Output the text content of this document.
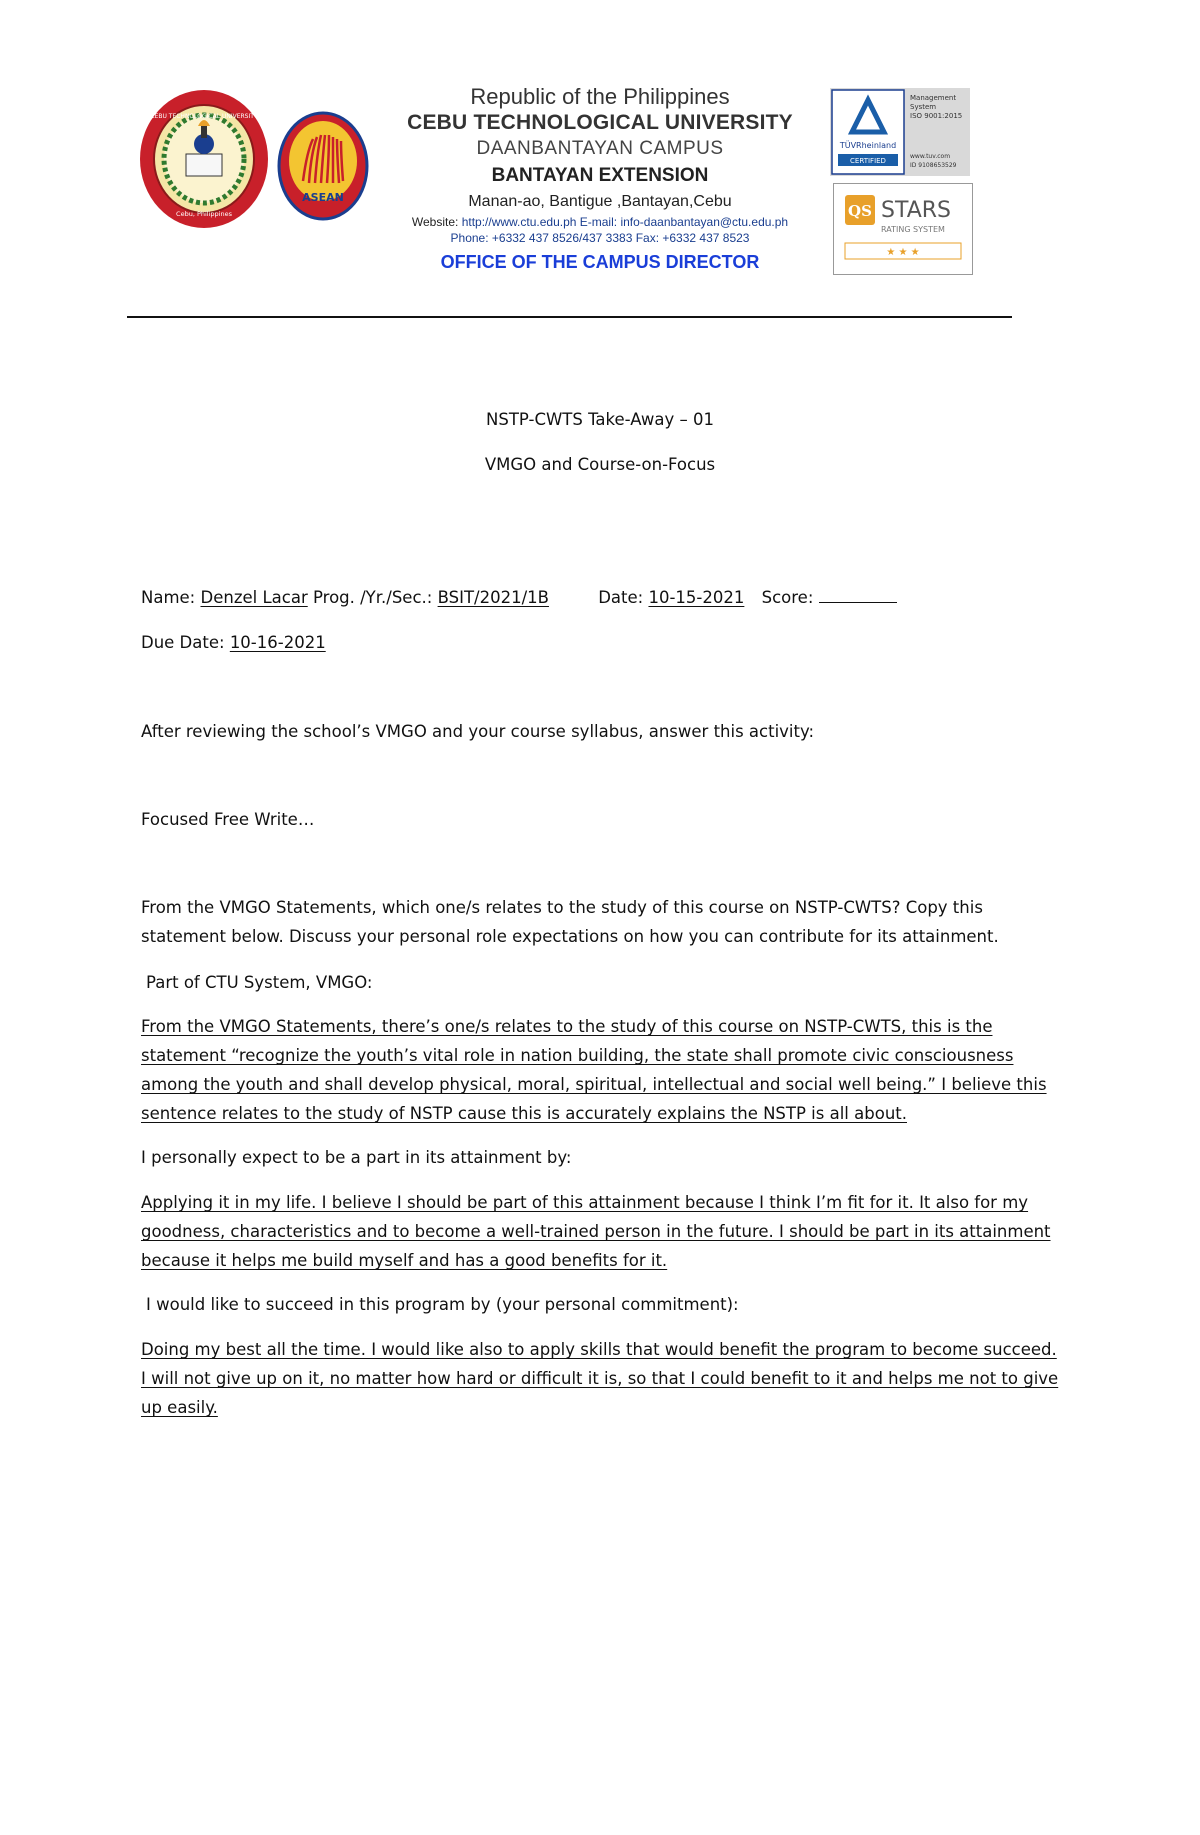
CEBU TECHNOLOGICAL UNIVERSITY
Cebu, Philippines
ASEAN
Republic of the Philippines
CEBU TECHNOLOGICAL UNIVERSITY
DAANBANTAYAN CAMPUS
BANTAYAN EXTENSION
Manan-ao, Bantigue ,Bantayan,Cebu
Website: http://www.ctu.edu.ph E-mail: info-daanbantayan@ctu.edu.ph
Phone: +6332 437 8526/437 3383 Fax: +6332 437 8523
OFFICE OF THE CAMPUS DIRECTOR
TÜVRheinland
CERTIFIED
Management
System
ISO 9001:2015
www.tuv.com
ID 9108653529
QS STARS
RATING SYSTEM
★ ★ ★
NSTP-CWTS Take-Away – 01
VMGO and Course-on-Focus
Name: Denzel Lacar Prog. /Yr./Sec.: BSIT/2021/1B	Date: 10-15-2021 Score:
Due Date: 10-16-2021
After reviewing the school’s VMGO and your course syllabus, answer this activity:
Focused Free Write…
From the VMGO Statements, which one/s relates to the study of this course on NSTP-CWTS? Copy this statement below. Discuss your personal role expectations on how you can contribute for its attainment.
Part of CTU System, VMGO:
From the VMGO Statements, there’s one/s relates to the study of this course on NSTP-CWTS, this is the statement “recognize the youth’s vital role in nation building, the state shall promote civic consciousness among the youth and shall develop physical, moral, spiritual, intellectual and social well being.” I believe this sentence relates to the study of NSTP cause this is accurately explains the NSTP is all about.
I personally expect to be a part in its attainment by:
Applying it in my life. I believe I should be part of this attainment because I think I’m fit for it. It also for my goodness, characteristics and to become a well-trained person in the future. I should be part in its attainment because it helps me build myself and has a good benefits for it.
I would like to succeed in this program by (your personal commitment):
Doing my best all the time. I would like also to apply skills that would benefit the program to become succeed. I will not give up on it, no matter how hard or difficult it is, so that I could benefit to it and helps me not to give up easily.
